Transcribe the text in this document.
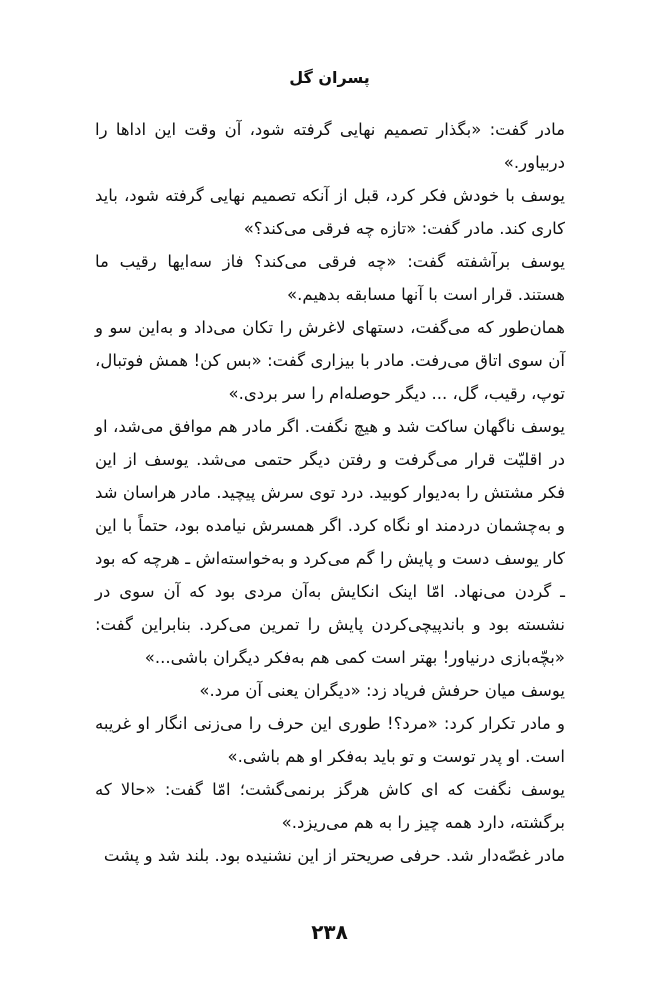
پسران گل

مادر گفت: «بگذار تصمیم نهایی گرفته شود، آن وقت این اداها را دربیاور.»

یوسف با خودش فکر کرد، قبل از آنکه تصمیم نهایی گرفته شود، باید کاری کند. مادر گفت: «تازه چه فرقی می‌کند؟»

یوسف برآشفته گفت: «چه فرقی می‌کند؟ فاز سه‌ایها رقیب ما هستند. قرار است با آنها مسابقه بدهیم.»

همان‌طور که می‌گفت، دستهای لاغرش را تکان می‌داد و به‌این سو و آن سوی اتاق می‌رفت. مادر با بیزاری گفت: «بس کن! همش فوتبال، توپ، رقیب، گل، ... دیگر حوصله‌ام را سر بردی.»

یوسف ناگهان ساکت شد و هیچ نگفت. اگر مادر هم موافق می‌شد، او در اقلیّت قرار می‌گرفت و رفتن دیگر حتمی می‌شد. یوسف از این فکر مشتش را به‌دیوار کوبید. درد توی سرش پیچید. مادر هراسان شد و به‌چشمان دردمند او نگاه کرد. اگر همسرش نیامده بود، حتماً با این کار یوسف دست و پایش را گم می‌کرد و به‌خواسته‌اش ـ هرچه که بود ـ گردن می‌نهاد. امّا اینک انکایش به‌آن مردی بود که آن سوی در نشسته بود و باندپیچی‌کردن پایش را تمرین می‌کرد. بنابراین گفت: «بچّه‌بازی درنیاور! بهتر است کمی هم به‌فکر دیگران باشی...»

یوسف میان حرفش فریاد زد: «دیگران یعنی آن مرد.»

و مادر تکرار کرد: «مرد؟! طوری این حرف را می‌زنی انگار او غریبه است. او پدر توست و تو باید به‌فکر او هم باشی.»

یوسف نگفت که ای کاش هرگز برنمی‌گشت؛ امّا گفت: «حالا که برگشته، دارد همه چیز را به هم می‌ریزد.»

مادر غصّه‌دار شد. حرفی صریحتر از این نشنیده بود. بلند شد و پشت

۲۳۸
